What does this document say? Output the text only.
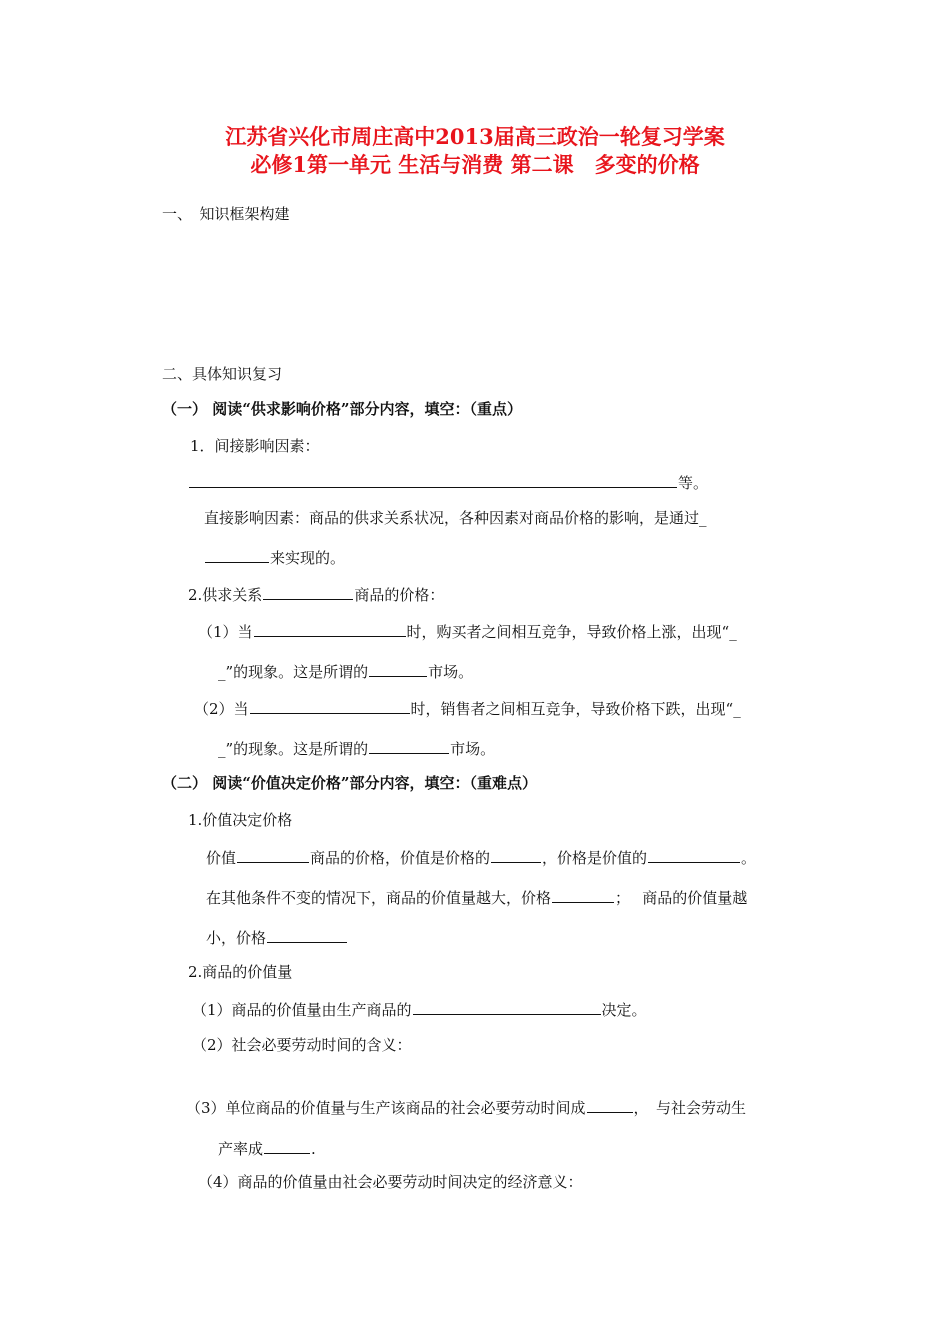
江苏省兴化市周庄高中2013届高三政治一轮复习学案
必修1第一单元 生活与消费 第二课　多变的价格
一、　知识框架构建
二、具体知识复习
（一） 阅读“供求影响价格”部分内容，填空：（重点）
1．间接影响因素：
等。
直接影响因素：商品的供求关系状况，各种因素对商品价格的影响，是通过_
来实现的。
2.供求关系	商品的价格：
（1）当	时，购买者之间相互竞争，导致价格上涨，出现“_
_”的现象。这是所谓的	市场。
（2）当	时，销售者之间相互竞争，导致价格下跌，出现“_
_”的现象。这是所谓的	市场。
（二） 阅读“价值决定价格”部分内容，填空：（重难点）
1.价值决定价格
价值	商品的价格，价值是价格的	，价格是价值的	。
在其他条件不变的情况下，商品的价值量越大，价格	；　 商品的价值量越
小，价格
2.商品的价值量
（1）商品的价值量由生产商品的	决定。
（2）社会必要劳动时间的含义：
（3）单位商品的价值量与生产该商品的社会必要劳动时间成	，　与社会劳动生
产率成	.
（4）商品的价值量由社会必要劳动时间决定的经济意义：
